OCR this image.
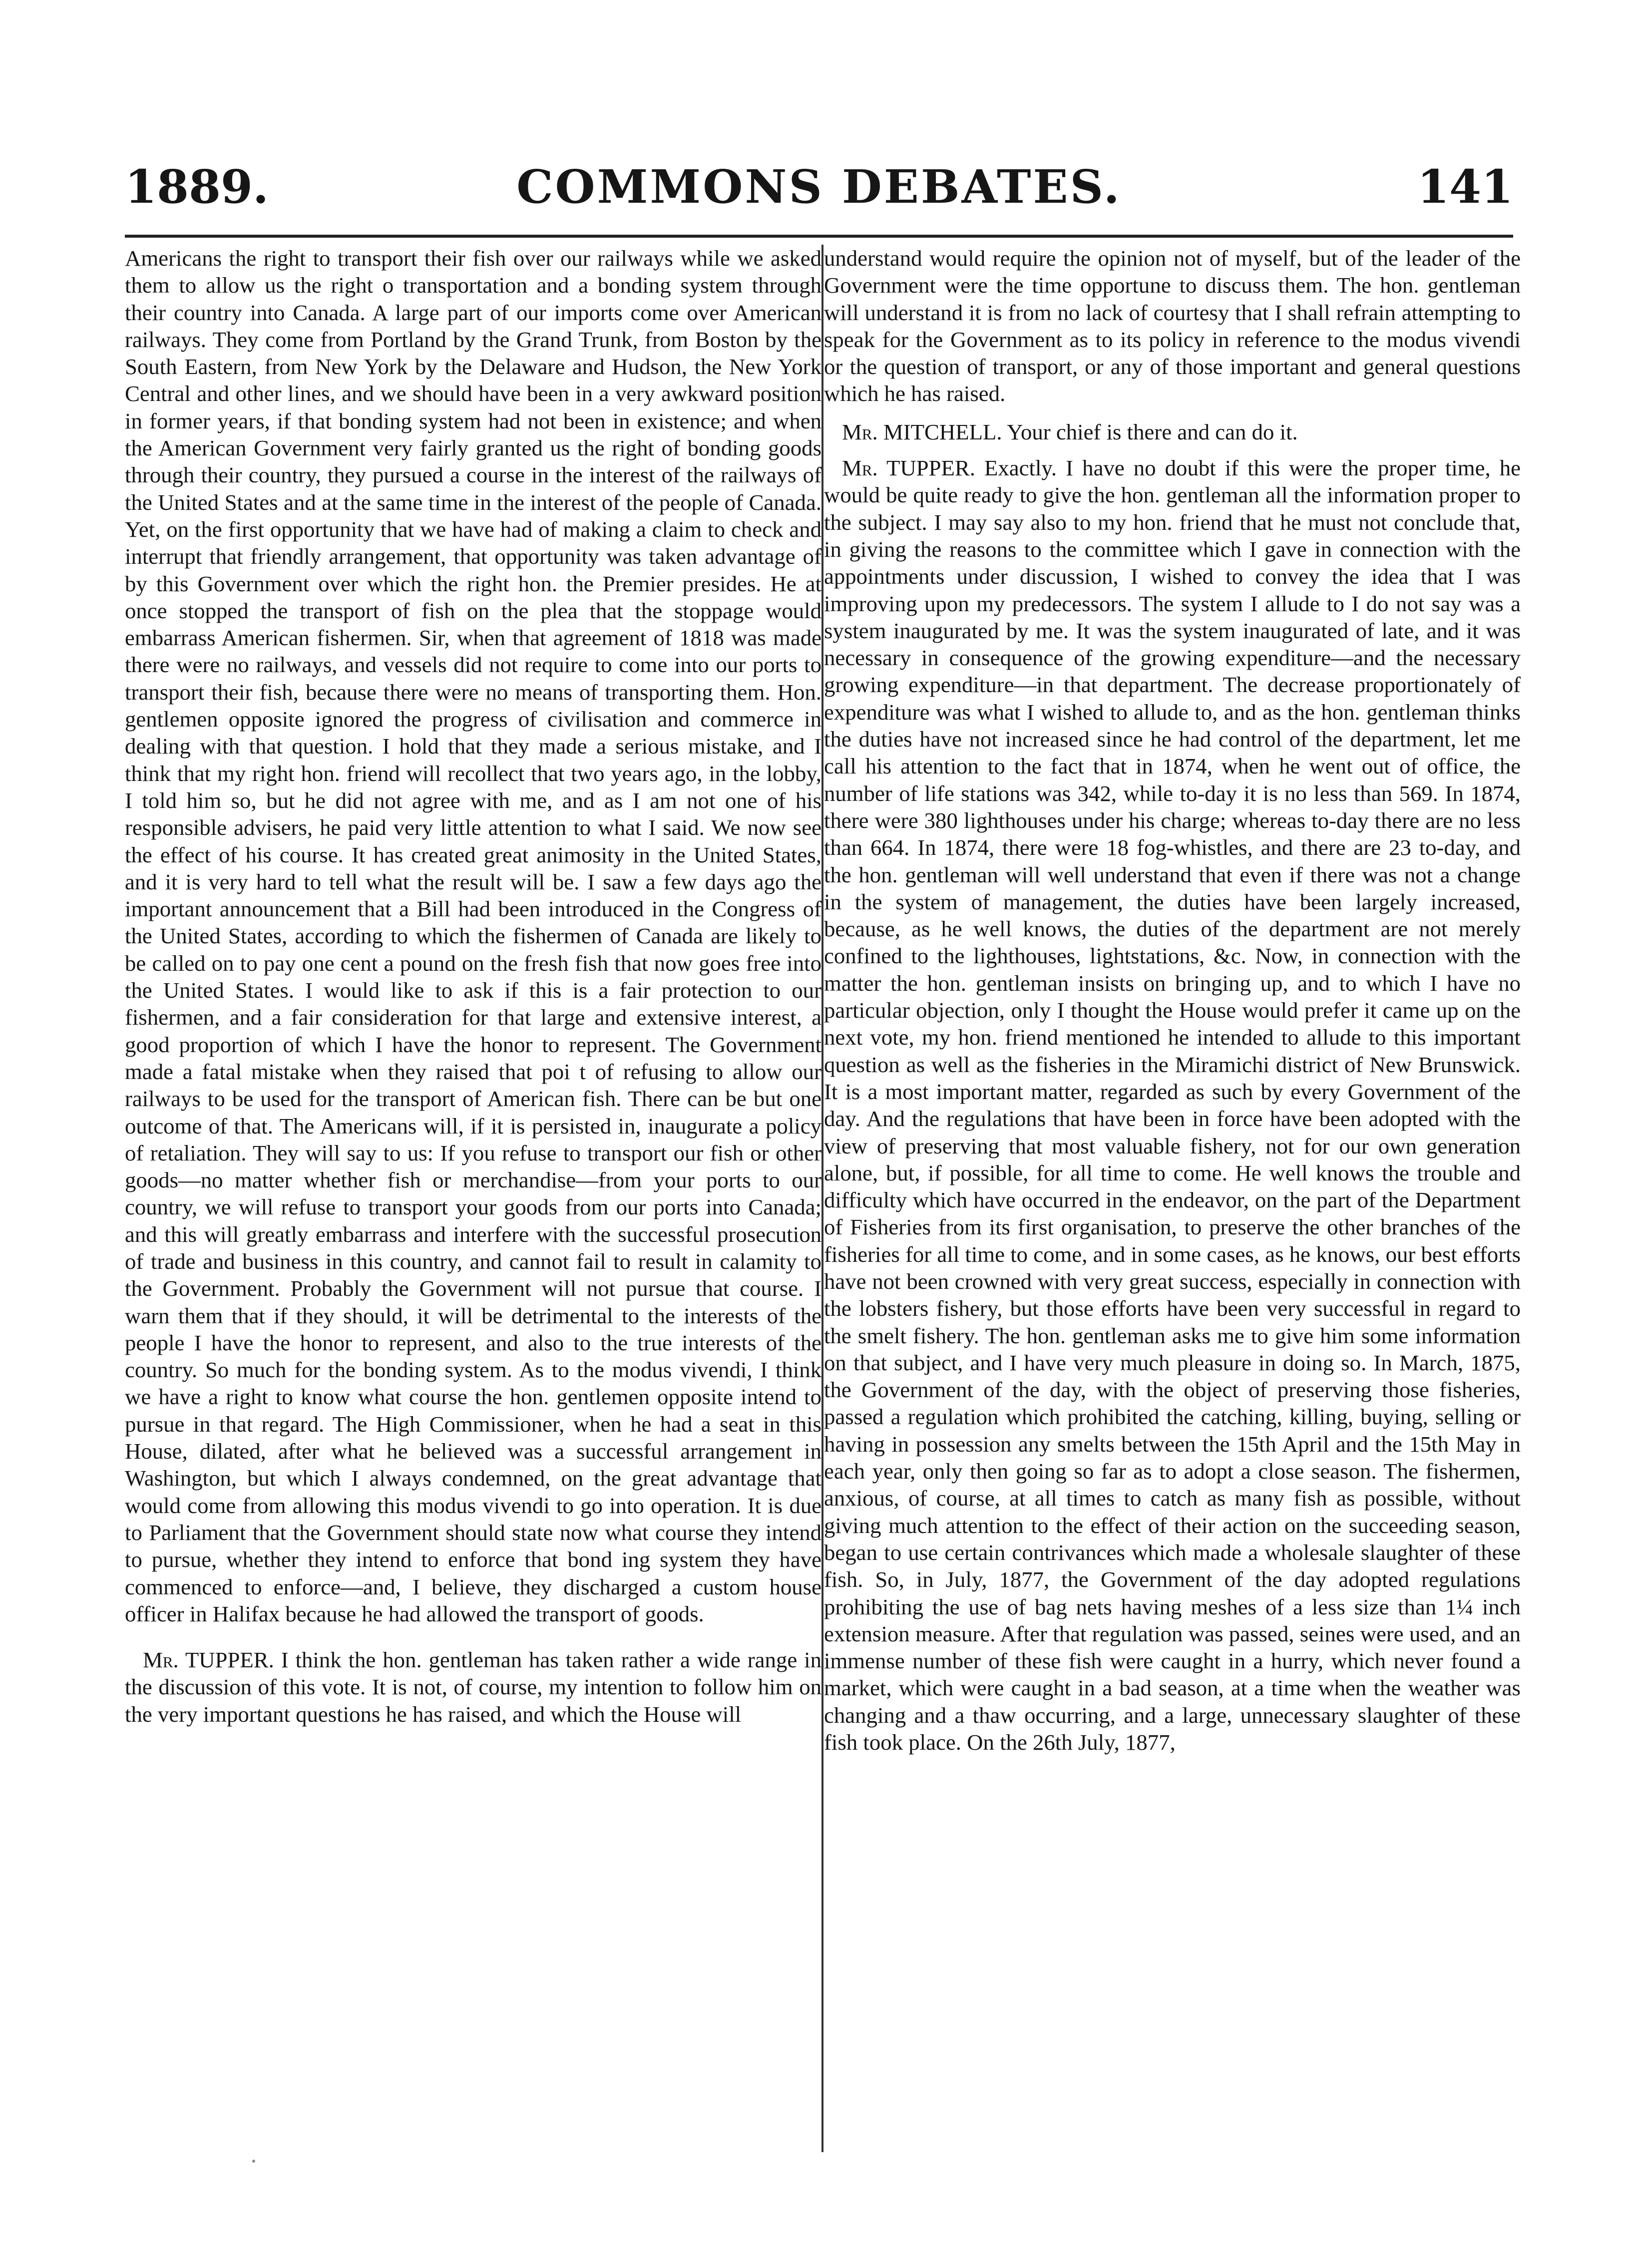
1889.	COMMONS DEBATES.	141

Americans the right to transport their fish over our railways while we asked them to allow us the right o transportation and a bonding system through their country into Canada. A large part of our imports come over American railways. They come from Portland by the Grand Trunk, from Boston by the South Eastern, from New York by the Delaware and Hudson, the New York Central and other lines, and we should have been in a very awkward position in former years, if that bonding system had not been in existence; and when the American Government very fairly granted us the right of bonding goods through their country, they pursued a course in the interest of the railways of the United States and at the same time in the interest of the people of Canada. Yet, on the first opportunity that we have had of making a claim to check and interrupt that friendly arrangement, that opportunity was taken advantage of by this Government over which the right hon. the Premier presides. He at once stopped the transport of fish on the plea that the stoppage would embarrass American fishermen. Sir, when that agreement of 1818 was made there were no railways, and vessels did not require to come into our ports to transport their fish, because there were no means of transporting them. Hon. gentlemen opposite ignored the progress of civilisation and commerce in dealing with that question. I hold that they made a serious mistake, and I think that my right hon. friend will recollect that two years ago, in the lobby, I told him so, but he did not agree with me, and as I am not one of his responsible advisers, he paid very little attention to what I said. We now see the effect of his course. It has created great animosity in the United States, and it is very hard to tell what the result will be. I saw a few days ago the important announcement that a Bill had been introduced in the Congress of the United States, according to which the fishermen of Canada are likely to be called on to pay one cent a pound on the fresh fish that now goes free into the United States. I would like to ask if this is a fair protection to our fishermen, and a fair consideration for that large and extensive interest, a good proportion of which I have the honor to represent. The Government made a fatal mistake when they raised that poi t of refusing to allow our railways to be used for the transport of American fish. There can be but one outcome of that. The Americans will, if it is persisted in, inaugurate a policy of retaliation. They will say to us: If you refuse to transport our fish or other goods—no matter whether fish or merchandise—from your ports to our country, we will refuse to transport your goods from our ports into Canada; and this will greatly embarrass and interfere with the successful prosecution of trade and business in this country, and cannot fail to result in calamity to the Government. Probably the Government will not pursue that course. I warn them that if they should, it will be detrimental to the interests of the people I have the honor to represent, and also to the true interests of the country. So much for the bonding system. As to the modus vivendi, I think we have a right to know what course the hon. gentlemen opposite intend to pursue in that regard. The High Commissioner, when he had a seat in this House, dilated, after what he believed was a successful arrangement in Washington, but which I always condemned, on the great advantage that would come from allowing this modus vivendi to go into operation. It is due to Parliament that the Government should state now what course they intend to pursue, whether they intend to enforce that bond ing system they have commenced to enforce—and, I believe, they discharged a custom house officer in Halifax because he had allowed the transport of goods.

Mr. TUPPER. I think the hon. gentleman has taken rather a wide range in the discussion of this vote. It is not, of course, my intention to follow him on the very important questions he has raised, and which the House will

understand would require the opinion not of myself, but of the leader of the Government were the time opportune to discuss them. The hon. gentleman will understand it is from no lack of courtesy that I shall refrain attempting to speak for the Government as to its policy in reference to the modus vivendi or the question of transport, or any of those important and general questions which he has raised.

Mr. MITCHELL. Your chief is there and can do it.

Mr. TUPPER. Exactly. I have no doubt if this were the proper time, he would be quite ready to give the hon. gentleman all the information proper to the subject. I may say also to my hon. friend that he must not conclude that, in giving the reasons to the committee which I gave in connection with the appointments under discussion, I wished to convey the idea that I was improving upon my predecessors. The system I allude to I do not say was a system inaugurated by me. It was the system inaugurated of late, and it was necessary in consequence of the growing expenditure—and the necessary growing expenditure—in that department. The decrease proportionately of expenditure was what I wished to allude to, and as the hon. gentleman thinks the duties have not increased since he had control of the department, let me call his attention to the fact that in 1874, when he went out of office, the number of life stations was 342, while to-day it is no less than 569. In 1874, there were 380 lighthouses under his charge; whereas to-day there are no less than 664. In 1874, there were 18 fog-whistles, and there are 23 to-day, and the hon. gentleman will well understand that even if there was not a change in the system of management, the duties have been largely increased, because, as he well knows, the duties of the department are not merely confined to the lighthouses, lightstations, &c. Now, in connection with the matter the hon. gentleman insists on bringing up, and to which I have no particular objection, only I thought the House would prefer it came up on the next vote, my hon. friend mentioned he intended to allude to this important question as well as the fisheries in the Miramichi district of New Brunswick. It is a most important matter, regarded as such by every Government of the day. And the regulations that have been in force have been adopted with the view of preserving that most valuable fishery, not for our own generation alone, but, if possible, for all time to come. He well knows the trouble and difficulty which have occurred in the endeavor, on the part of the Department of Fisheries from its first organisation, to preserve the other branches of the fisheries for all time to come, and in some cases, as he knows, our best efforts have not been crowned with very great success, especially in connection with the lobsters fishery, but those efforts have been very successful in regard to the smelt fishery. The hon. gentleman asks me to give him some information on that subject, and I have very much pleasure in doing so. In March, 1875, the Government of the day, with the object of preserving those fisheries, passed a regulation which prohibited the catching, killing, buying, selling or having in possession any smelts between the 15th April and the 15th May in each year, only then going so far as to adopt a close season. The fishermen, anxious, of course, at all times to catch as many fish as possible, without giving much attention to the effect of their action on the succeeding season, began to use certain contrivances which made a wholesale slaughter of these fish. So, in July, 1877, the Government of the day adopted regulations prohibiting the use of bag nets having meshes of a less size than 1¼ inch extension measure. After that regulation was passed, seines were used, and an immense number of these fish were caught in a hurry, which never found a market, which were caught in a bad season, at a time when the weather was changing and a thaw occurring, and a large, unnecessary slaughter of these fish took place. On the 26th July, 1877,
